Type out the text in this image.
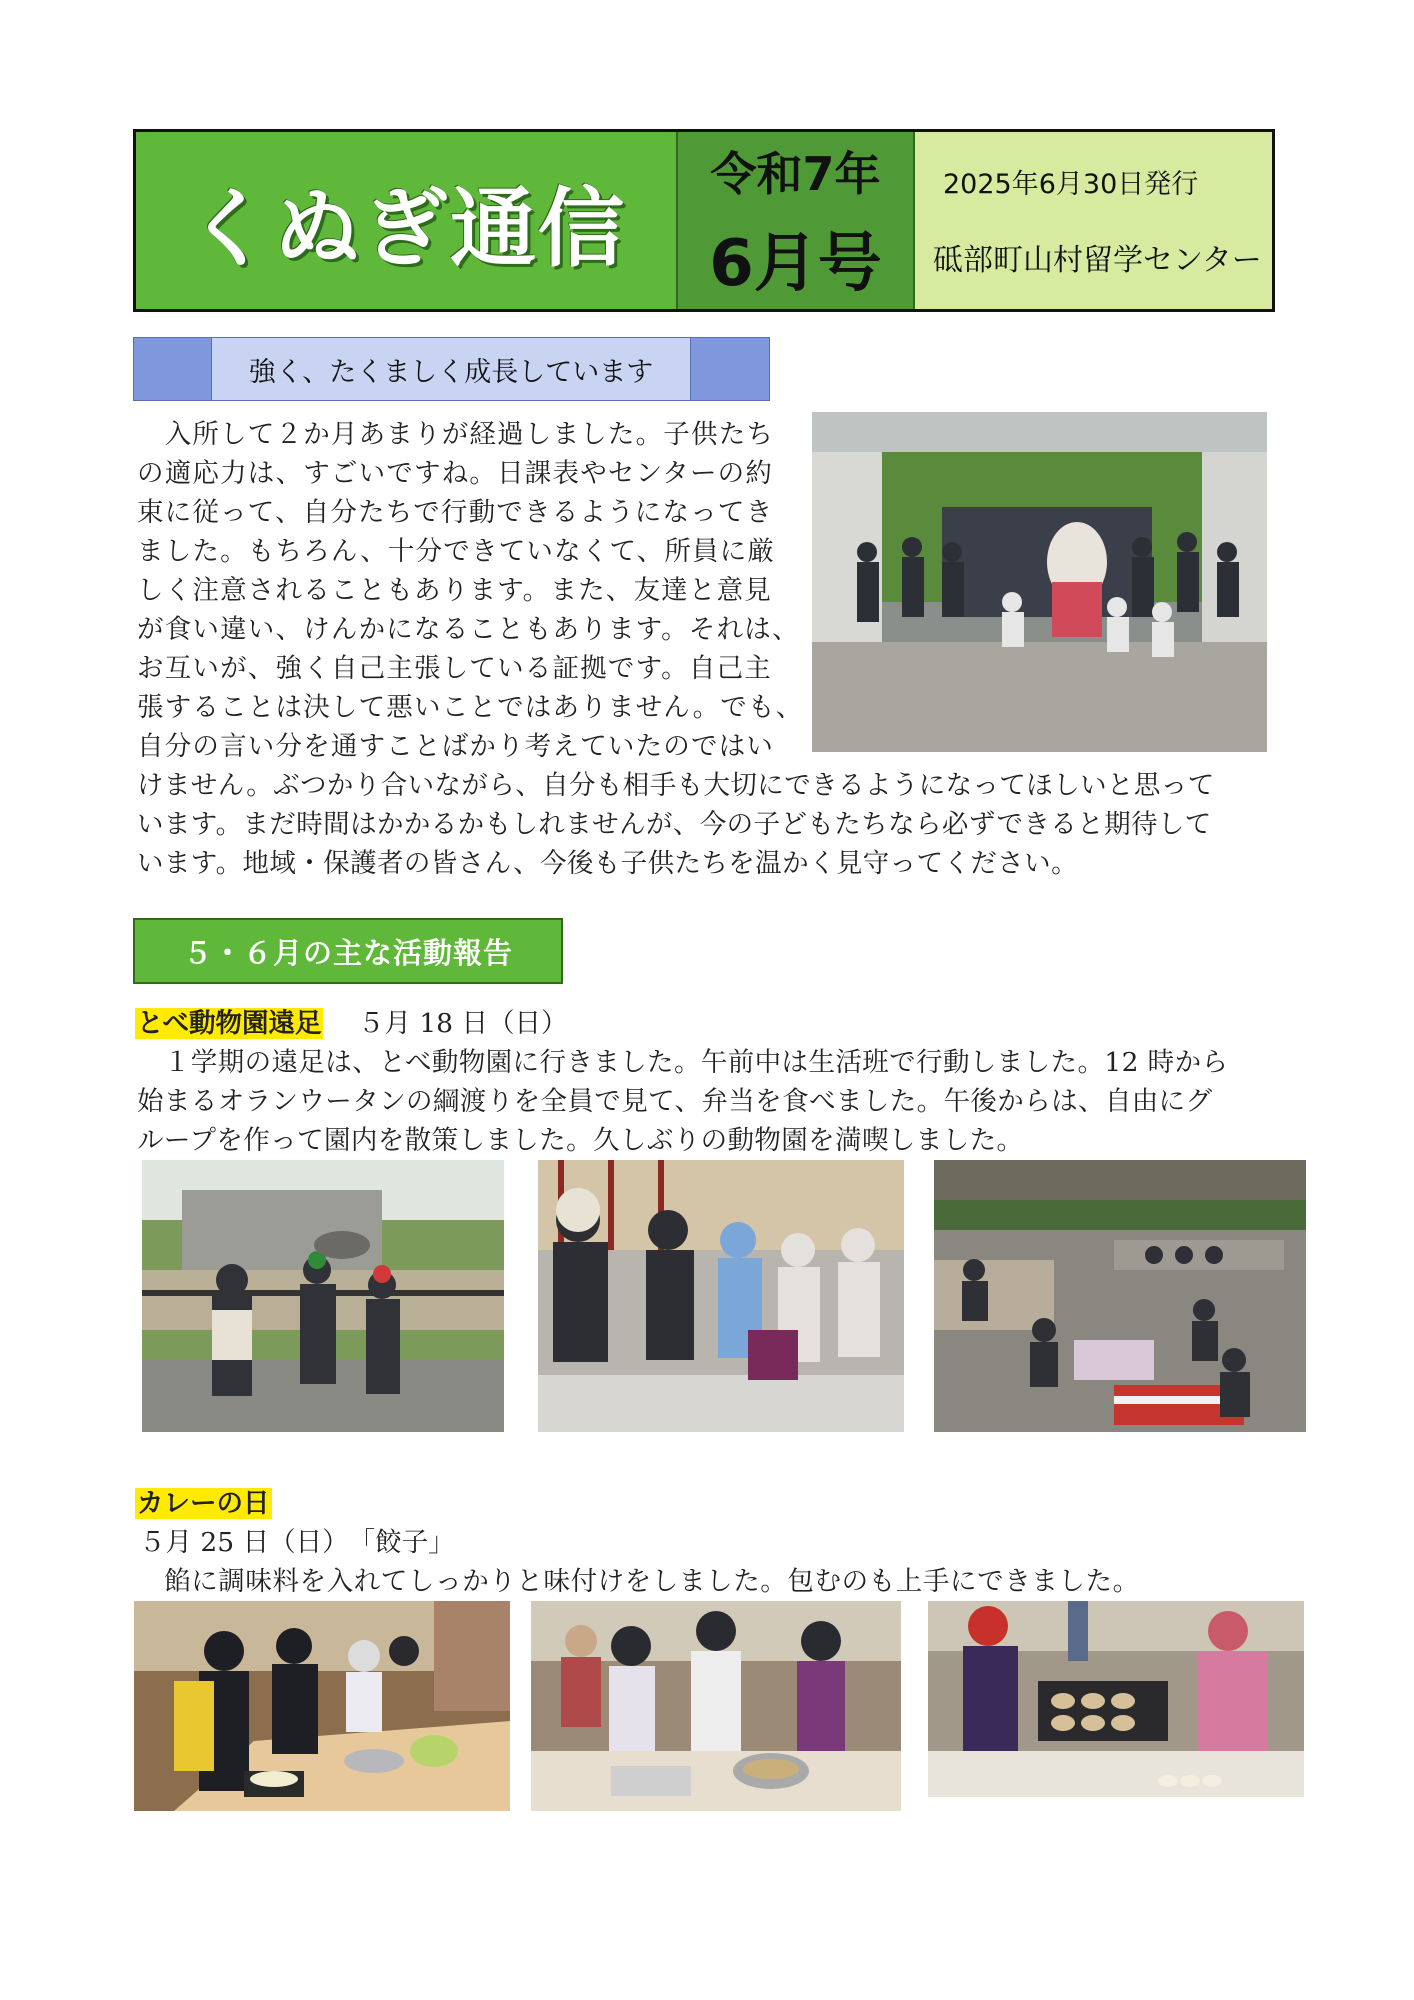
くぬぎ通信
令和7年
6月号
2025年6月30日発行
砥部町山村留学センター
強く、たくましく成長しています
　入所して２か月あまりが経過しました。子供たち
の適応力は、すごいですね。日課表やセンターの約
束に従って、自分たちで行動できるようになってき
ました。もちろん、十分できていなくて、所員に厳
しく注意されることもあります。また、友達と意見
が食い違い、けんかになることもあります。それは、
お互いが、強く自己主張している証拠です。自己主
張することは決して悪いことではありません。でも、
自分の言い分を通すことばかり考えていたのではい
けません。ぶつかり合いながら、自分も相手も大切にできるようになってほしいと思って
います。まだ時間はかかるかもしれませんが、今の子どもたちなら必ずできると期待して
います。地域・保護者の皆さん、今後も子供たちを温かく見守ってください。
５・６月の主な活動報告
とべ動物園遠足 ５月 18 日（日）
　１学期の遠足は、とべ動物園に行きました。午前中は生活班で行動しました。12 時から
始まるオランウータンの綱渡りを全員で見て、弁当を食べました。午後からは、自由にグ
ループを作って園内を散策しました。久しぶりの動物園を満喫しました。
カレーの日
５月 25 日（日）　「餃子」
　餡に調味料を入れてしっかりと味付けをしました。包むのも上手にできました。
